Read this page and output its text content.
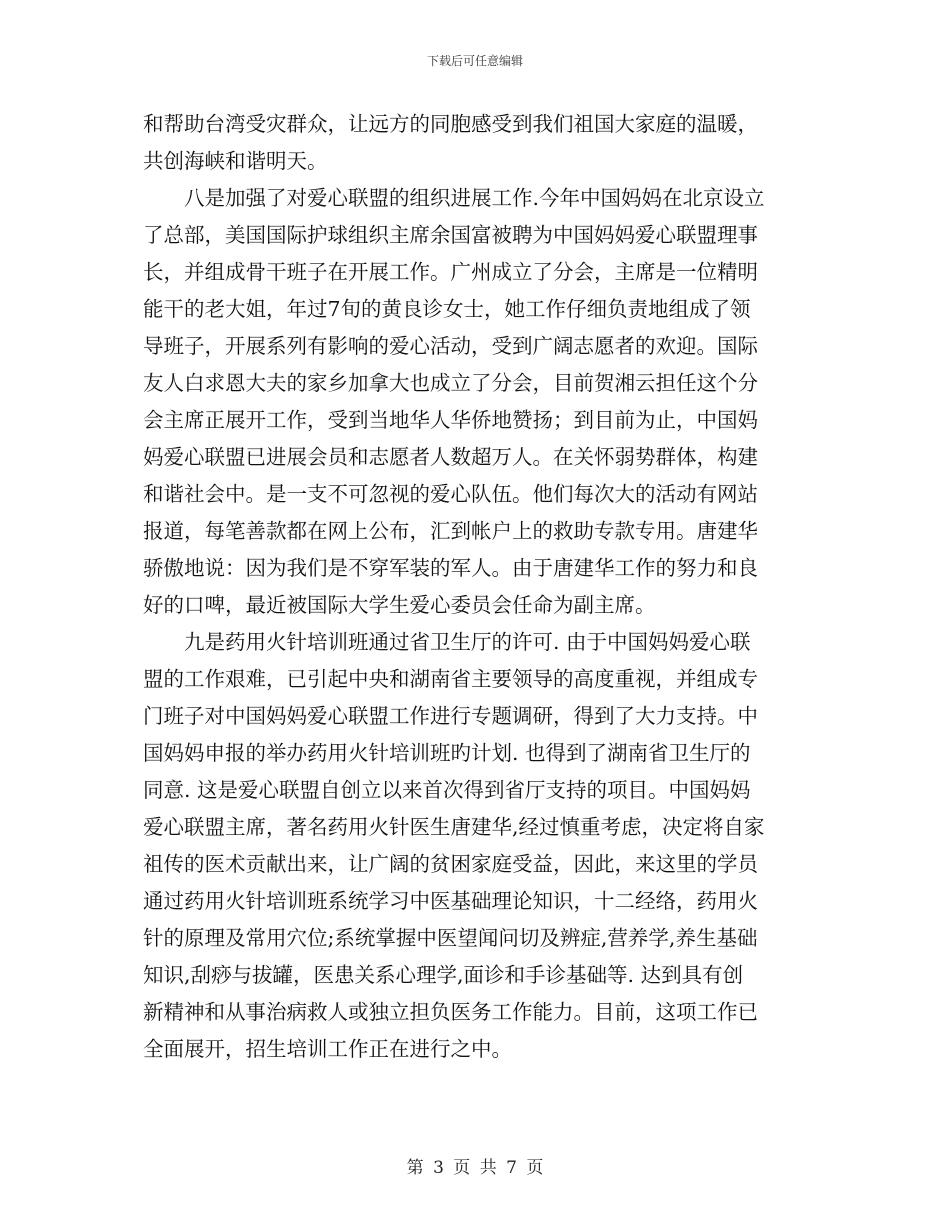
下载后可任意编辑
和帮助台湾受灾群众，让远方的同胞感受到我们祖国大家庭的温暖，
共创海峡和谐明天。
八是加强了对爱心联盟的组织进展工作.今年中国妈妈在北京设立
了总部，美国国际护球组织主席余国富被聘为中国妈妈爱心联盟理事
长，并组成骨干班子在开展工作。广州成立了分会，主席是一位精明
能干的老大姐，年过7旬的黄良诊女士，她工作仔细负责地组成了领
导班子，开展系列有影响的爱心活动，受到广阔志愿者的欢迎。国际
友人白求恩大夫的家乡加拿大也成立了分会，目前贺湘云担任这个分
会主席正展开工作，受到当地华人华侨地赞扬；到目前为止，中国妈
妈爱心联盟已进展会员和志愿者人数超万人。在关怀弱势群体，构建
和谐社会中。是一支不可忽视的爱心队伍。他们每次大的活动有网站
报道，每笔善款都在网上公布，汇到帐户上的救助专款专用。唐建华
骄傲地说：因为我们是不穿军装的军人。由于唐建华工作的努力和良
好的口啤，最近被国际大学生爱心委员会任命为副主席。
九是药用火针培训班通过省卫生厅的许可. 由于中国妈妈爱心联
盟的工作艰难，已引起中央和湖南省主要领导的高度重视，并组成专
门班子对中国妈妈爱心联盟工作进行专题调研，得到了大力支持。中
国妈妈申报的举办药用火针培训班旳计划. 也得到了湖南省卫生厅的
同意. 这是爱心联盟自创立以来首次得到省厅支持的项目。中国妈妈
爱心联盟主席，著名药用火针医生唐建华,经过慎重考虑，决定将自家
祖传的医术贡献出来，让广阔的贫困家庭受益，因此，来这里的学员
通过药用火针培训班系统学习中医基础理论知识，十二经络，药用火
针的原理及常用穴位;系统掌握中医望闻问切及辨症,营养学,养生基础
知识,刮痧与拔罐，医患关系心理学,面诊和手诊基础等. 达到具有创
新精神和从事治病救人或独立担负医务工作能力。目前，这项工作已
全面展开，招生培训工作正在进行之中。
第 3 页 共 7 页
